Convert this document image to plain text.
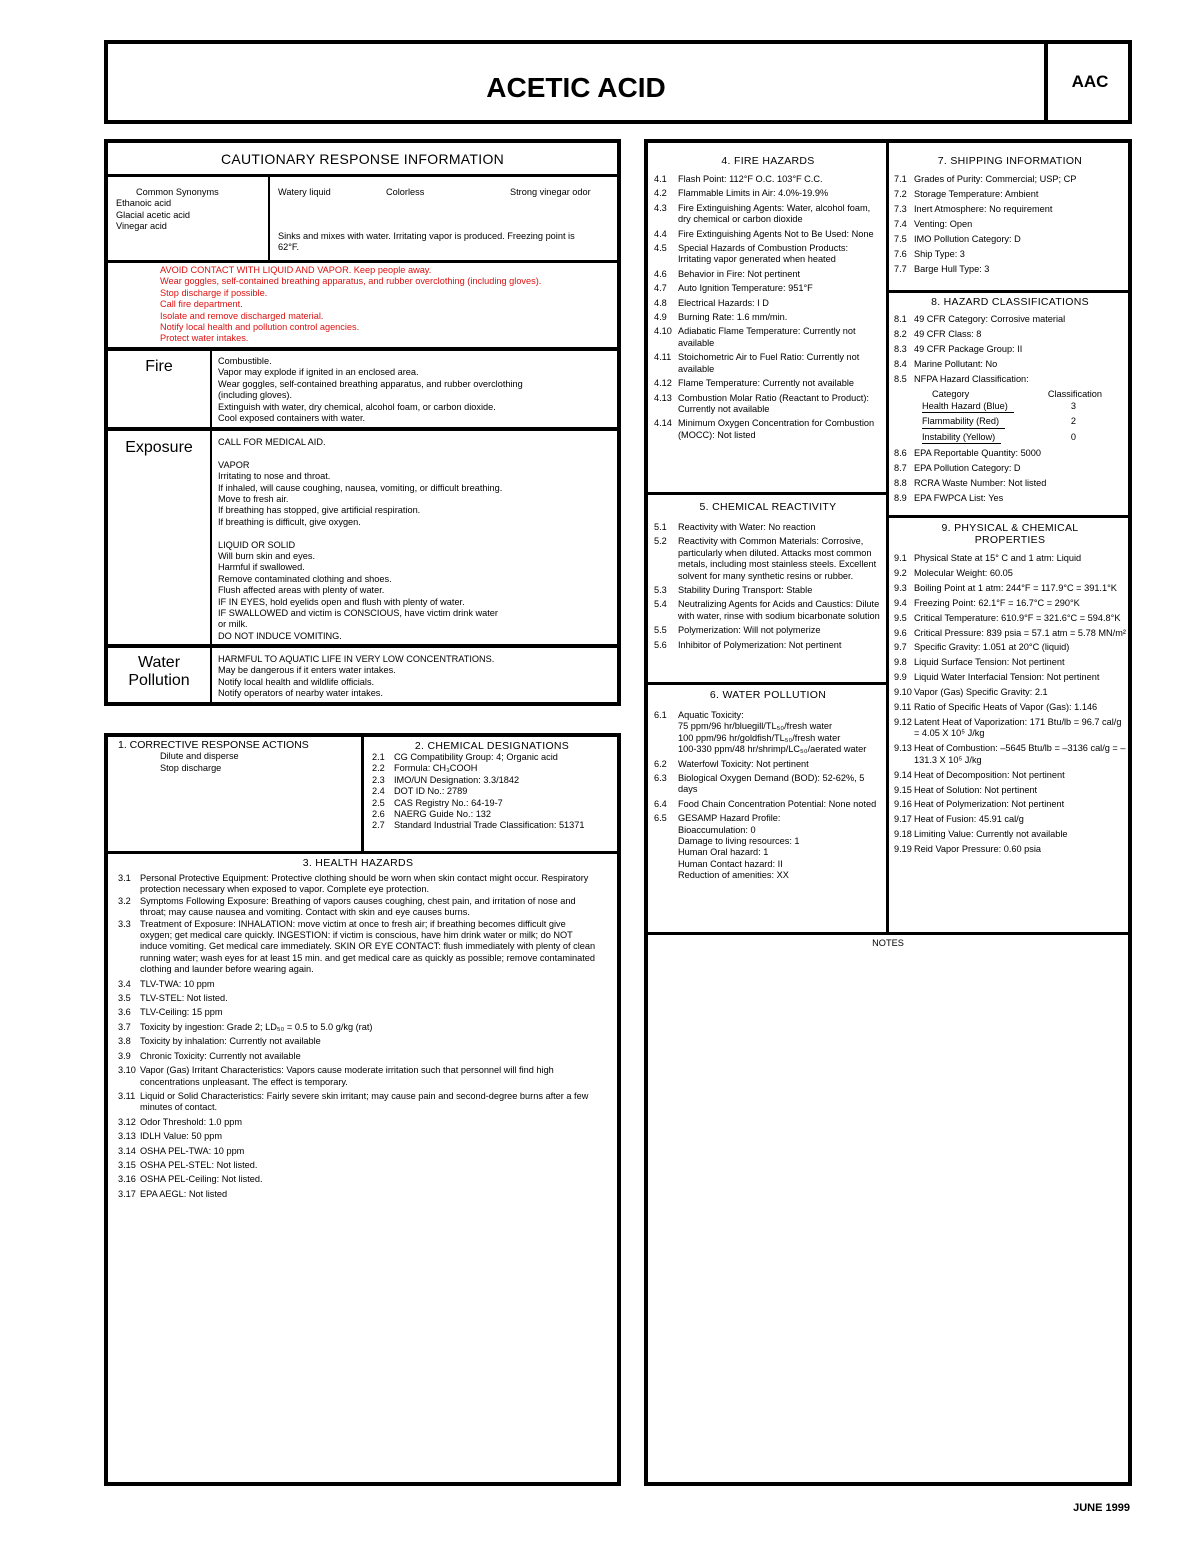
ACETIC ACID	AAC
CAUTIONARY RESPONSE INFORMATION
Common Synonyms
Ethanoic acid
Glacial acetic acid
Vinegar acid
Watery liquid	Colorless	Strong vinegar odor
Sinks and mixes with water. Irritating vapor is produced. Freezing point is 62°F.
AVOID CONTACT WITH LIQUID AND VAPOR. Keep people away.
Wear goggles, self-contained breathing apparatus, and rubber overclothing (including gloves).
Stop discharge if possible.
Call fire department.
Isolate and remove discharged material.
Notify local health and pollution control agencies.
Protect water intakes.
Fire	Combustible.
Vapor may explode if ignited in an enclosed area.
Wear goggles, self-contained breathing apparatus, and rubber overclothing
(including gloves).
Extinguish with water, dry chemical, alcohol foam, or carbon dioxide.
Cool exposed containers with water.
Exposure	CALL FOR MEDICAL AID.
VAPOR
Irritating to nose and throat.
If inhaled, will cause coughing, nausea, vomiting, or difficult breathing.
Move to fresh air.
If breathing has stopped, give artificial respiration.
If breathing is difficult, give oxygen.
LIQUID OR SOLID
Will burn skin and eyes.
Harmful if swallowed.
Remove contaminated clothing and shoes.
Flush affected areas with plenty of water.
IF IN EYES, hold eyelids open and flush with plenty of water.
IF SWALLOWED and victim is CONSCIOUS, have victim drink water
or milk.
DO NOT INDUCE VOMITING.
Water
Pollution
HARMFUL TO AQUATIC LIFE IN VERY LOW CONCENTRATIONS.
May be dangerous if it enters water intakes.
Notify local health and wildlife officials.
Notify operators of nearby water intakes.
1. CORRECTIVE RESPONSE ACTIONS
Dilute and disperse
Stop discharge
2. CHEMICAL DESIGNATIONS
2.1 CG Compatibility Group: 4; Organic acid
2.2 Formula: CH₃COOH
2.3 IMO/UN Designation: 3.3/1842
2.4 DOT ID No.: 2789
2.5 CAS Registry No.: 64-19-7
2.6 NAERG Guide No.: 132
2.7 Standard Industrial Trade Classification: 51371
3. HEALTH HAZARDS
3.1 Personal Protective Equipment: Protective clothing should be worn when skin contact might occur. Respiratory protection necessary when exposed to vapor. Complete eye protection.
3.2 Symptoms Following Exposure: Breathing of vapors causes coughing, chest pain, and irritation of nose and throat; may cause nausea and vomiting. Contact with skin and eye causes burns.
3.3 Treatment of Exposure: INHALATION: move victim at once to fresh air; if breathing becomes difficult give oxygen; get medical care quickly. INGESTION: if victim is conscious, have him drink water or milk; do NOT induce vomiting. Get medical care immediately. SKIN OR EYE CONTACT: flush immediately with plenty of clean running water; wash eyes for at least 15 min. and get medical care as quickly as possible; remove contaminated clothing and launder before wearing again.
3.4 TLV-TWA: 10 ppm
3.5 TLV-STEL: Not listed.
3.6 TLV-Ceiling: 15 ppm
3.7 Toxicity by ingestion: Grade 2; LD₅₀ = 0.5 to 5.0 g/kg (rat)
3.8 Toxicity by inhalation: Currently not available
3.9 Chronic Toxicity: Currently not available
3.10 Vapor (Gas) Irritant Characteristics: Vapors cause moderate irritation such that personnel will find high concentrations unpleasant. The effect is temporary.
3.11 Liquid or Solid Characteristics: Fairly severe skin irritant; may cause pain and second-degree burns after a few minutes of contact.
3.12 Odor Threshold: 1.0 ppm
3.13 IDLH Value: 50 ppm
3.14 OSHA PEL-TWA: 10 ppm
3.15 OSHA PEL-STEL: Not listed.
3.16 OSHA PEL-Ceiling: Not listed.
3.17 EPA AEGL: Not listed
4. FIRE HAZARDS
4.1 Flash Point: 112°F O.C. 103°F C.C.
4.2 Flammable Limits in Air: 4.0%-19.9%
4.3 Fire Extinguishing Agents: Water, alcohol foam, dry chemical or carbon dioxide
4.4 Fire Extinguishing Agents Not to Be Used: None
4.5 Special Hazards of Combustion Products: Irritating vapor generated when heated
4.6 Behavior in Fire: Not pertinent
4.7 Auto Ignition Temperature: 951°F
4.8 Electrical Hazards: I D
4.9 Burning Rate: 1.6 mm/min.
4.10 Adiabatic Flame Temperature: Currently not available
4.11 Stoichometric Air to Fuel Ratio: Currently not available
4.12 Flame Temperature: Currently not available
4.13 Combustion Molar Ratio (Reactant to Product): Currently not available
4.14 Minimum Oxygen Concentration for Combustion (MOCC): Not listed
5. CHEMICAL REACTIVITY
5.1 Reactivity with Water: No reaction
5.2 Reactivity with Common Materials: Corrosive, particularly when diluted. Attacks most common metals, including most stainless steels. Excellent solvent for many synthetic resins or rubber.
5.3 Stability During Transport: Stable
5.4 Neutralizing Agents for Acids and Caustics: Dilute with water, rinse with sodium bicarbonate solution
5.5 Polymerization: Will not polymerize
5.6 Inhibitor of Polymerization: Not pertinent
6. WATER POLLUTION
6.1 Aquatic Toxicity:
75 ppm/96 hr/bluegill/TL₅₀/fresh water
100 ppm/96 hr/goldfish/TL₅₀/fresh water
100-330 ppm/48 hr/shrimp/LC₅₀/aerated water
6.2 Waterfowl Toxicity: Not pertinent
6.3 Biological Oxygen Demand (BOD): 52-62%, 5 days
6.4 Food Chain Concentration Potential: None noted
6.5 GESAMP Hazard Profile:
Bioaccumulation: 0
Damage to living resources: 1
Human Oral hazard: 1
Human Contact hazard: II
Reduction of amenities: XX
NOTES
7. SHIPPING INFORMATION
7.1 Grades of Purity: Commercial; USP; CP
7.2 Storage Temperature: Ambient
7.3 Inert Atmosphere: No requirement
7.4 Venting: Open
7.5 IMO Pollution Category: D
7.6 Ship Type: 3
7.7 Barge Hull Type: 3
8. HAZARD CLASSIFICATIONS
8.1 49 CFR Category: Corrosive material
8.2 49 CFR Class: 8
8.3 49 CFR Package Group: II
8.4 Marine Pollutant: No
8.5 NFPA Hazard Classification:
Category	Classification
Health Hazard (Blue)	3
Flammability (Red)	2
Instability (Yellow)	0
8.6 EPA Reportable Quantity: 5000
8.7 EPA Pollution Category: D
8.8 RCRA Waste Number: Not listed
8.9 EPA FWPCA List: Yes
9. PHYSICAL & CHEMICAL
PROPERTIES
9.1 Physical State at 15° C and 1 atm: Liquid
9.2 Molecular Weight: 60.05
9.3 Boiling Point at 1 atm: 244°F = 117.9°C = 391.1°K
9.4 Freezing Point: 62.1°F = 16.7°C = 290°K
9.5 Critical Temperature: 610.9°F = 321.6°C = 594.8°K
9.6 Critical Pressure: 839 psia = 57.1 atm = 5.78 MN/m²
9.7 Specific Gravity: 1.051 at 20°C (liquid)
9.8 Liquid Surface Tension: Not pertinent
9.9 Liquid Water Interfacial Tension: Not pertinent
9.10 Vapor (Gas) Specific Gravity: 2.1
9.11 Ratio of Specific Heats of Vapor (Gas): 1.146
9.12 Latent Heat of Vaporization: 171 Btu/lb = 96.7 cal/g = 4.05 X 10⁵ J/kg
9.13 Heat of Combustion: –5645 Btu/lb = –3136 cal/g = –131.3 X 10⁵ J/kg
9.14 Heat of Decomposition: Not pertinent
9.15 Heat of Solution: Not pertinent
9.16 Heat of Polymerization: Not pertinent
9.17 Heat of Fusion: 45.91 cal/g
9.18 Limiting Value: Currently not available
9.19 Reid Vapor Pressure: 0.60 psia
JUNE 1999
